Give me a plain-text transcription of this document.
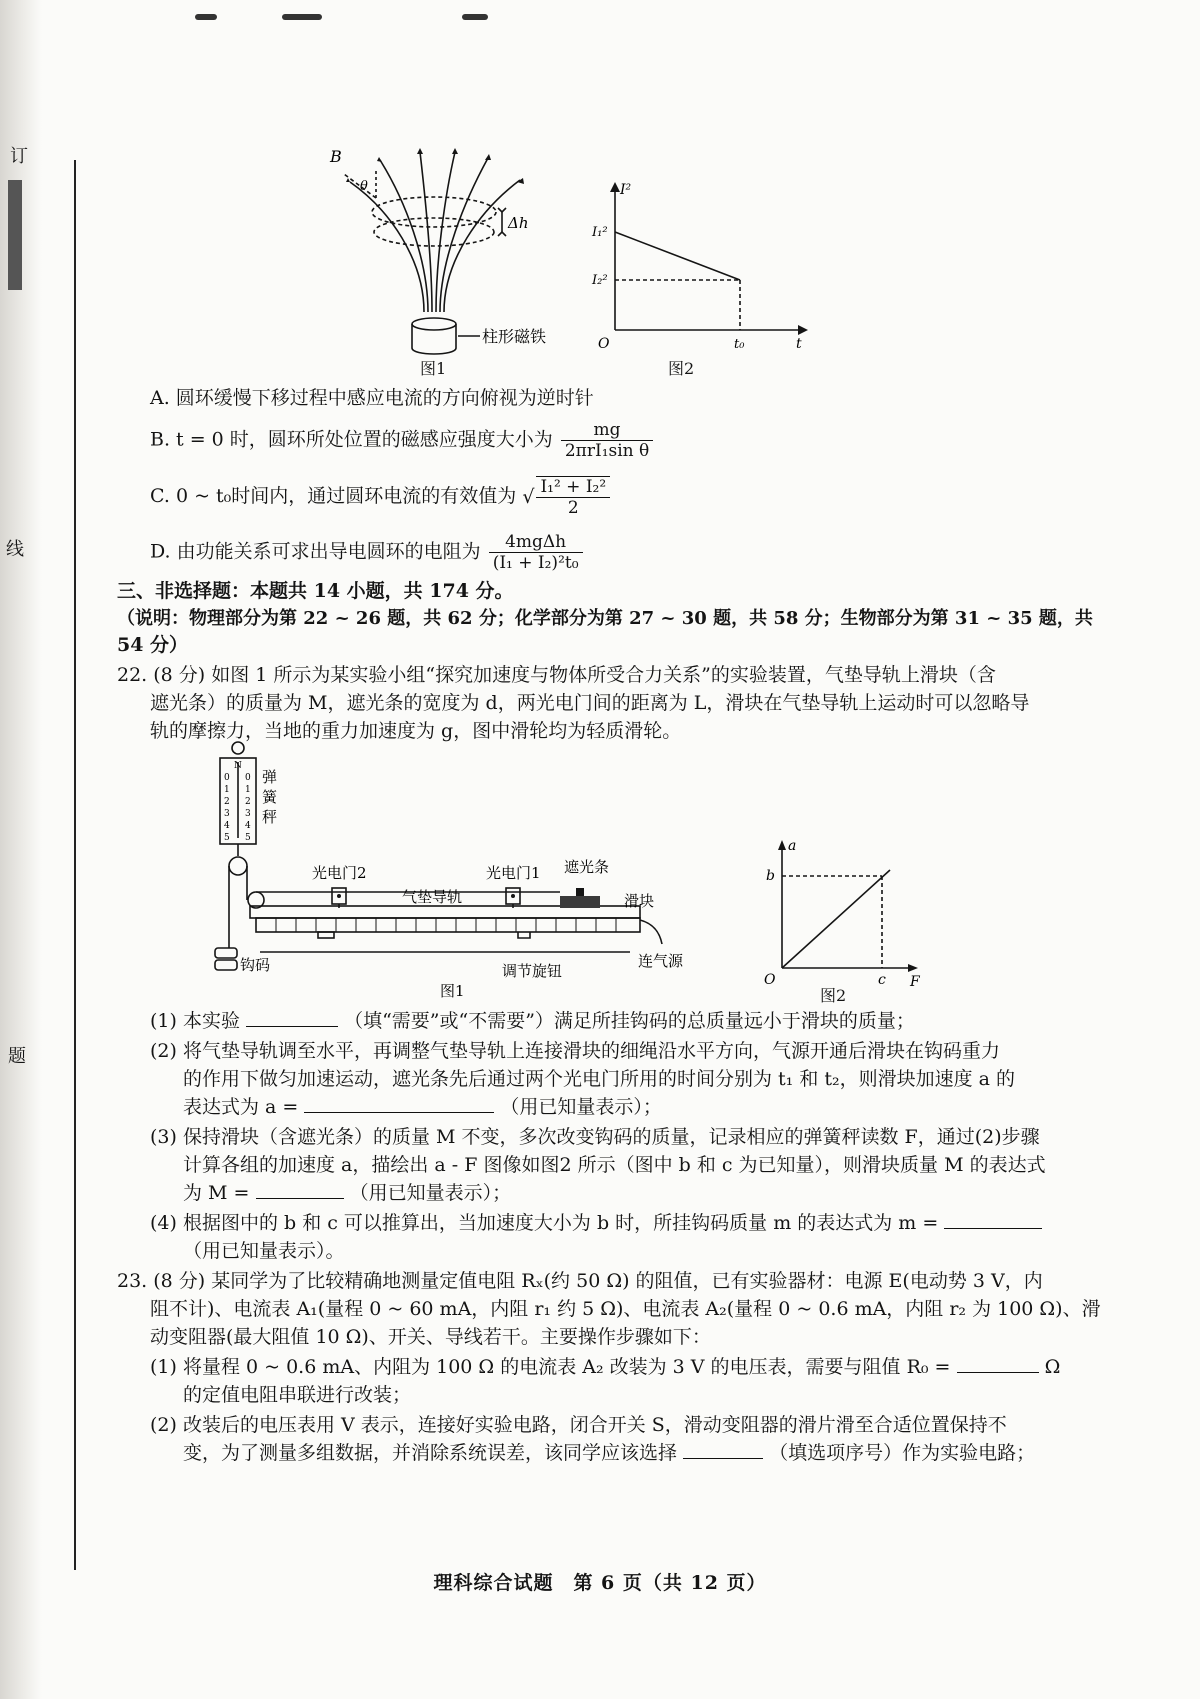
订
线
题
B
θ
Δh
柱形磁铁
图1
I²
t
I₁²
I₂²
t₀
O
图2
A. 圆环缓慢下移过程中感应电流的方向俯视为逆时针
B. t = 0 时，圆环所处位置的磁感应强度大小为 $\frac{mg}{\text{2πrI₁sin θ}}$
C. 0 ~ t₀时间内，通过圆环电流的有效值为 √ $\frac{\text{I₁² + I₂²}}{2}$
D. 由功能关系可求出导电圆环的电阻为 $\frac{\text{4mgΔh}}{\text{(I₁ + I₂)²t₀}}$
三、非选择题：本题共 14 小题，共 174 分。
（说明：物理部分为第 22 ~ 26 题，共 62 分；化学部分为第 27 ~ 30 题，共 58 分；生物部分为第 31 ~ 35 题，共
54 分）
22. (8 分) 如图 1 所示为某实验小组“探究加速度与物体所受合力关系”的实验装置，气垫导轨上滑块（含
遮光条）的质量为 M，遮光条的宽度为 d，两光电门间的距离为 L，滑块在气垫导轨上运动时可以忽略导
轨的摩擦力，当地的重力加速度为 g，图中滑轮均为轻质滑轮。
N
0
1
2
3
4
5
0
1
2
3
4
5
弹簧秤
光电门2	光电门1
气垫导轨
遮光条
滑块
钩码	调节旋钮
连气源
图1
a
F
b
c
O
图2
(1) 本实验	（填“需要”或“不需要”）满足所挂钩码的总质量远小于滑块的质量；
(2) 将气垫导轨调至水平，再调整气垫导轨上连接滑块的细绳沿水平方向，气源开通后滑块在钩码重力
的作用下做匀加速运动，遮光条先后通过两个光电门所用的时间分别为 t₁ 和 t₂，则滑块加速度 a 的
表达式为 a =	（用已知量表示）；
(3) 保持滑块（含遮光条）的质量 M 不变，多次改变钩码的质量，记录相应的弹簧秤读数 F，通过(2)步骤
计算各组的加速度 a，描绘出 a - F 图像如图2 所示（图中 b 和 c 为已知量），则滑块质量 M 的表达式
为 M =	（用已知量表示）；
(4) 根据图中的 b 和 c 可以推算出，当加速度大小为 b 时，所挂钩码质量 m 的表达式为 m =
（用已知量表示）。
23. (8 分) 某同学为了比较精确地测量定值电阻 Rₓ(约 50 Ω) 的阻值，已有实验器材：电源 E(电动势 3 V，内
阻不计)、电流表 A₁(量程 0 ~ 60 mA，内阻 r₁ 约 5 Ω)、电流表 A₂(量程 0 ~ 0.6 mA，内阻 r₂ 为 100 Ω)、滑
动变阻器(最大阻值 10 Ω)、开关、导线若干。主要操作步骤如下：
(1) 将量程 0 ~ 0.6 mA、内阻为 100 Ω 的电流表 A₂ 改装为 3 V 的电压表，需要与阻值 R₀ =	Ω
的定值电阻串联进行改装；
(2) 改装后的电压表用 V 表示，连接好实验电路，闭合开关 S，滑动变阻器的滑片滑至合适位置保持不
变，为了测量多组数据，并消除系统误差，该同学应该选择	（填选项序号）作为实验电路；
理科综合试题　第 6 页（共 12 页）
